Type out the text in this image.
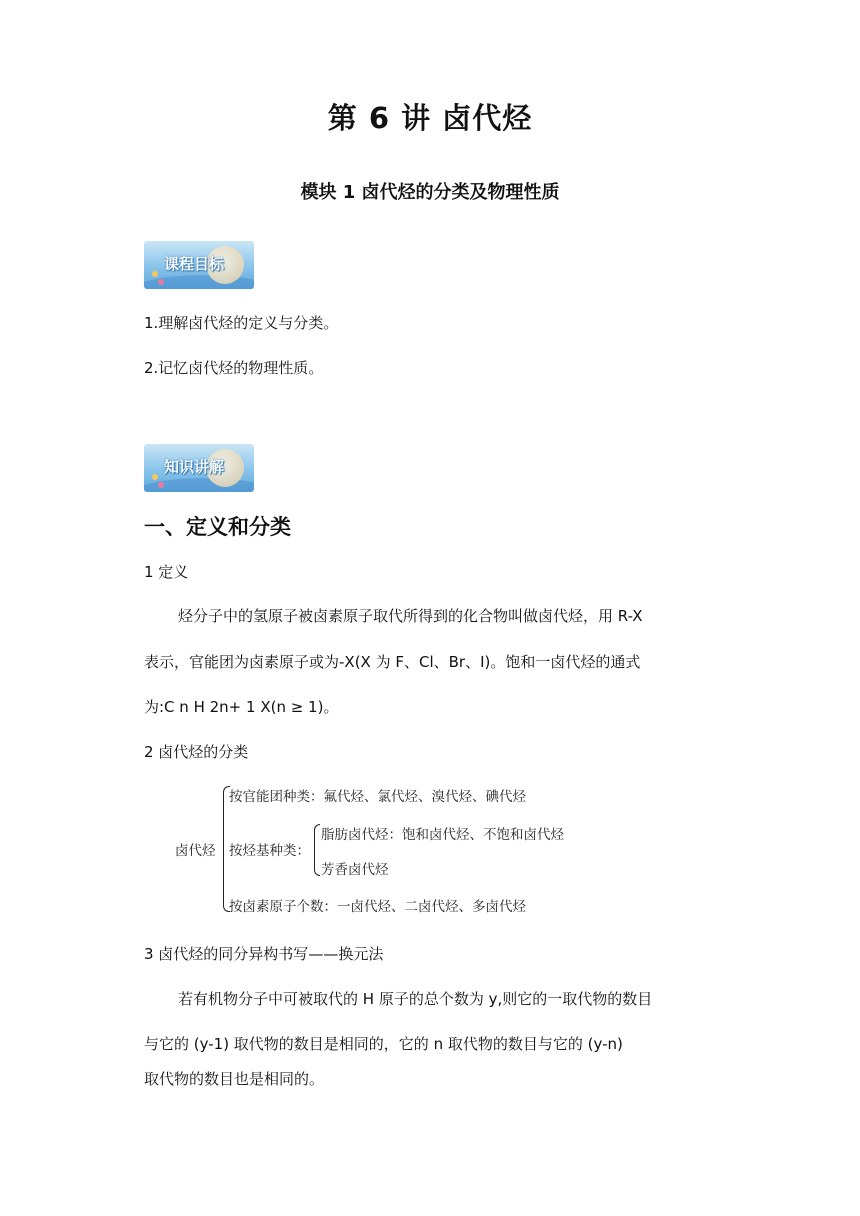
第 6 讲 卤代烃
模块 1 卤代烃的分类及物理性质
课程目标
1.理解卤代烃的定义与分类。
2.记忆卤代烃的物理性质。
知识讲解
一、定义和分类
1 定义
烃分子中的氢原子被卤素原子取代所得到的化合物叫做卤代烃，用 R-X
表示，官能团为卤素原子或为-X(X 为 F、Cl、Br、I)。饱和一卤代烃的通式
为:C n H 2n+ 1 X(n ≥ 1)。
2 卤代烃的分类
卤代烃
按官能团种类：氟代烃、氯代烃、溴代烃、碘代烃
按烃基种类：
脂肪卤代烃：饱和卤代烃、不饱和卤代烃
芳香卤代烃
按卤素原子个数：一卤代烃、二卤代烃、多卤代烃
3 卤代烃的同分异构书写——换元法
若有机物分子中可被取代的 H 原子的总个数为 y,则它的一取代物的数目
与它的 (y-1) 取代物的数目是相同的，它的 n 取代物的数目与它的 (y-n)
取代物的数目也是相同的。
